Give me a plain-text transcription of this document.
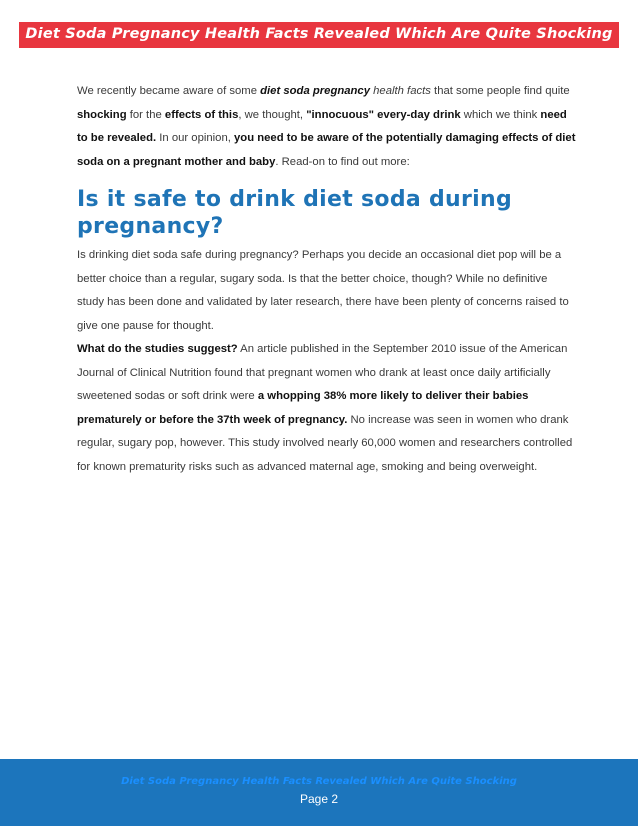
Diet Soda Pregnancy Health Facts Revealed Which Are Quite Shocking

We recently became aware of some diet soda pregnancy health facts that some people find quite shocking for the effects of this, we thought, "innocuous" every-day drink which we think need to be revealed. In our opinion, you need to be aware of the potentially damaging effects of diet soda on a pregnant mother and baby. Read-on to find out more:

Is it safe to drink diet soda during pregnancy?

Is drinking diet soda safe during pregnancy? Perhaps you decide an occasional diet pop will be a better choice than a regular, sugary soda. Is that the better choice, though? While no definitive study has been done and validated by later research, there have been plenty of concerns raised to give one pause for thought.

What do the studies suggest? An article published in the September 2010 issue of the American Journal of Clinical Nutrition found that pregnant women who drank at least once daily artificially sweetened sodas or soft drink were a whopping 38% more likely to deliver their babies prematurely or before the 37th week of pregnancy. No increase was seen in women who drank regular, sugary pop, however. This study involved nearly 60,000 women and researchers controlled for known prematurity risks such as advanced maternal age, smoking and being overweight.

Diet Soda Pregnancy Health Facts Revealed Which Are Quite Shocking
Page 2
